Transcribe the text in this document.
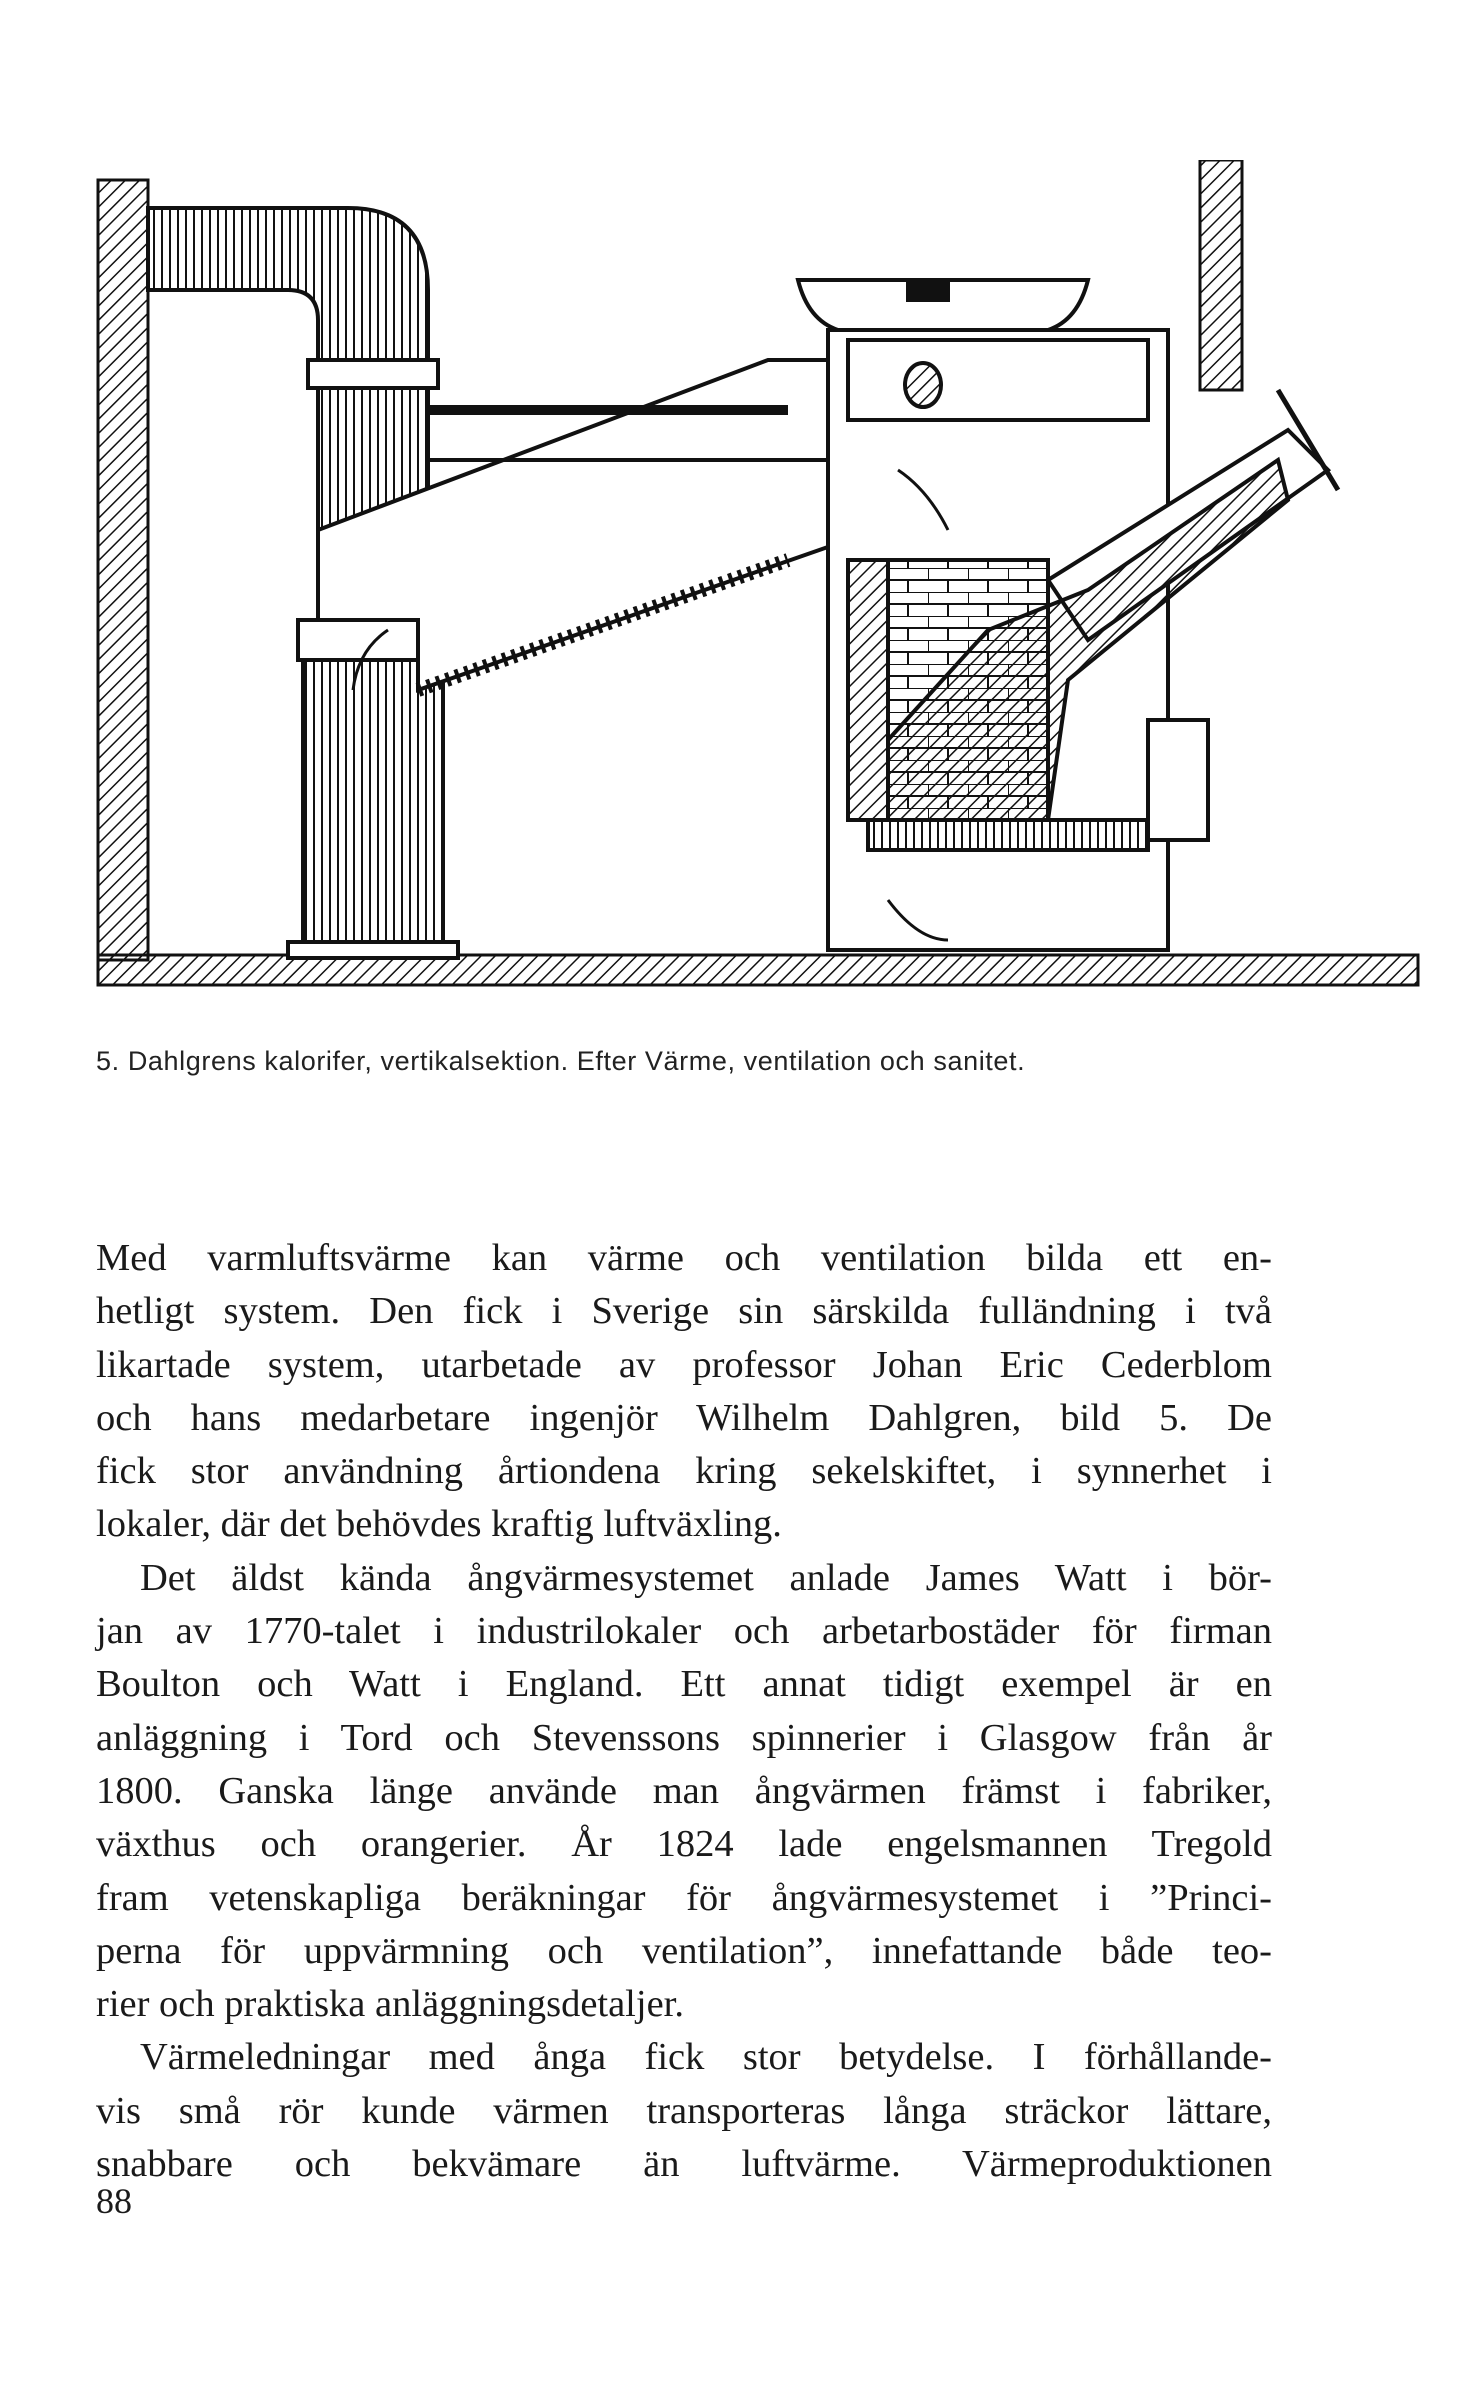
5. Dahlgrens kalorifer, vertikalsektion. Efter Värme, ventilation och sanitet.

Med varmluftsvärme kan värme och ventilation bilda ett en-
hetligt system. Den fick i Sverige sin särskilda fulländning i två
likartade system, utarbetade av professor Johan Eric Cederblom
och hans medarbetare ingenjör Wilhelm Dahlgren, bild 5. De
fick stor användning årtiondena kring sekelskiftet, i synnerhet i
lokaler, där det behövdes kraftig luftväxling.

Det äldst kända ångvärmesystemet anlade James Watt i bör-
jan av 1770-talet i industrilokaler och arbetarbostäder för firman
Boulton och Watt i England. Ett annat tidigt exempel är en
anläggning i Tord och Stevenssons spinnerier i Glasgow från år
1800. Ganska länge använde man ångvärmen främst i fabriker,
växthus och orangerier. År 1824 lade engelsmannen Tregold
fram vetenskapliga beräkningar för ångvärmesystemet i ”Princi-
perna för uppvärmning och ventilation”, innefattande både teo-
rier och praktiska anläggningsdetaljer.

Värmeledningar med ånga fick stor betydelse. I förhållande-
vis små rör kunde värmen transporteras långa sträckor lättare,
snabbare och bekvämare än luftvärme. Värmeproduktionen

88
